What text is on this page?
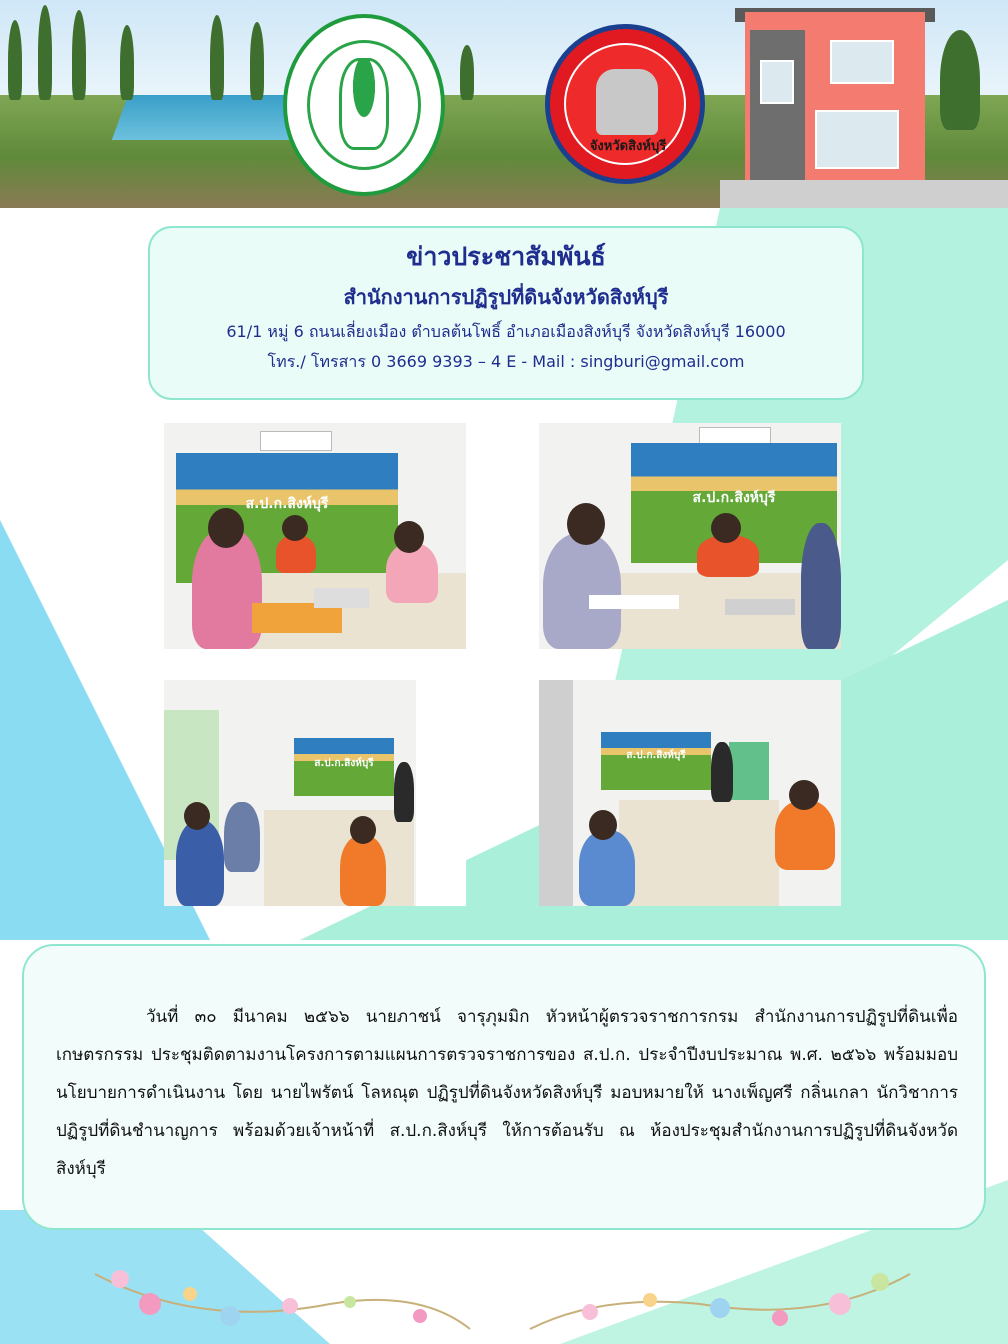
จังหวัดสิงห์บุรี
ข่าวประชาสัมพันธ์
สำนักงานการปฏิรูปที่ดินจังหวัดสิงห์บุรี
61/1 หมู่ 6 ถนนเลี่ยงเมือง ตำบลต้นโพธิ์ อำเภอเมืองสิงห์บุรี จังหวัดสิงห์บุรี 16000
โทร./ โทรสาร 0 3669 9393 – 4 E - Mail : singburi@gmail.com
ส.ป.ก.สิงห์บุรี	ส.ป.ก.สิงห์บุรี
ส.ป.ก.สิงห์บุรี
ส.ป.ก.สิงห์บุรี

วันที่ ๓๐ มีนาคม ๒๕๖๖ นายภาชน์ จารุภุมมิก หัวหน้าผู้ตรวจราชการกรม สำนักงานการปฏิรูปที่ดินเพื่อเกษตรกรรม ประชุมติดตามงานโครงการตามแผนการตรวจราชการของ ส.ป.ก. ประจำปีงบประมาณ พ.ศ. ๒๕๖๖ พร้อมมอบนโยบายการดำเนินงาน โดย นายไพรัตน์ โลหณุต ปฏิรูปที่ดินจังหวัดสิงห์บุรี มอบหมายให้ นางเพ็ญศรี กลิ่นเกลา นักวิชาการปฏิรูปที่ดินชำนาญการ พร้อมด้วยเจ้าหน้าที่ ส.ป.ก.สิงห์บุรี ให้การต้อนรับ ณ ห้องประชุมสำนักงานการปฏิรูปที่ดินจังหวัดสิงห์บุรี
